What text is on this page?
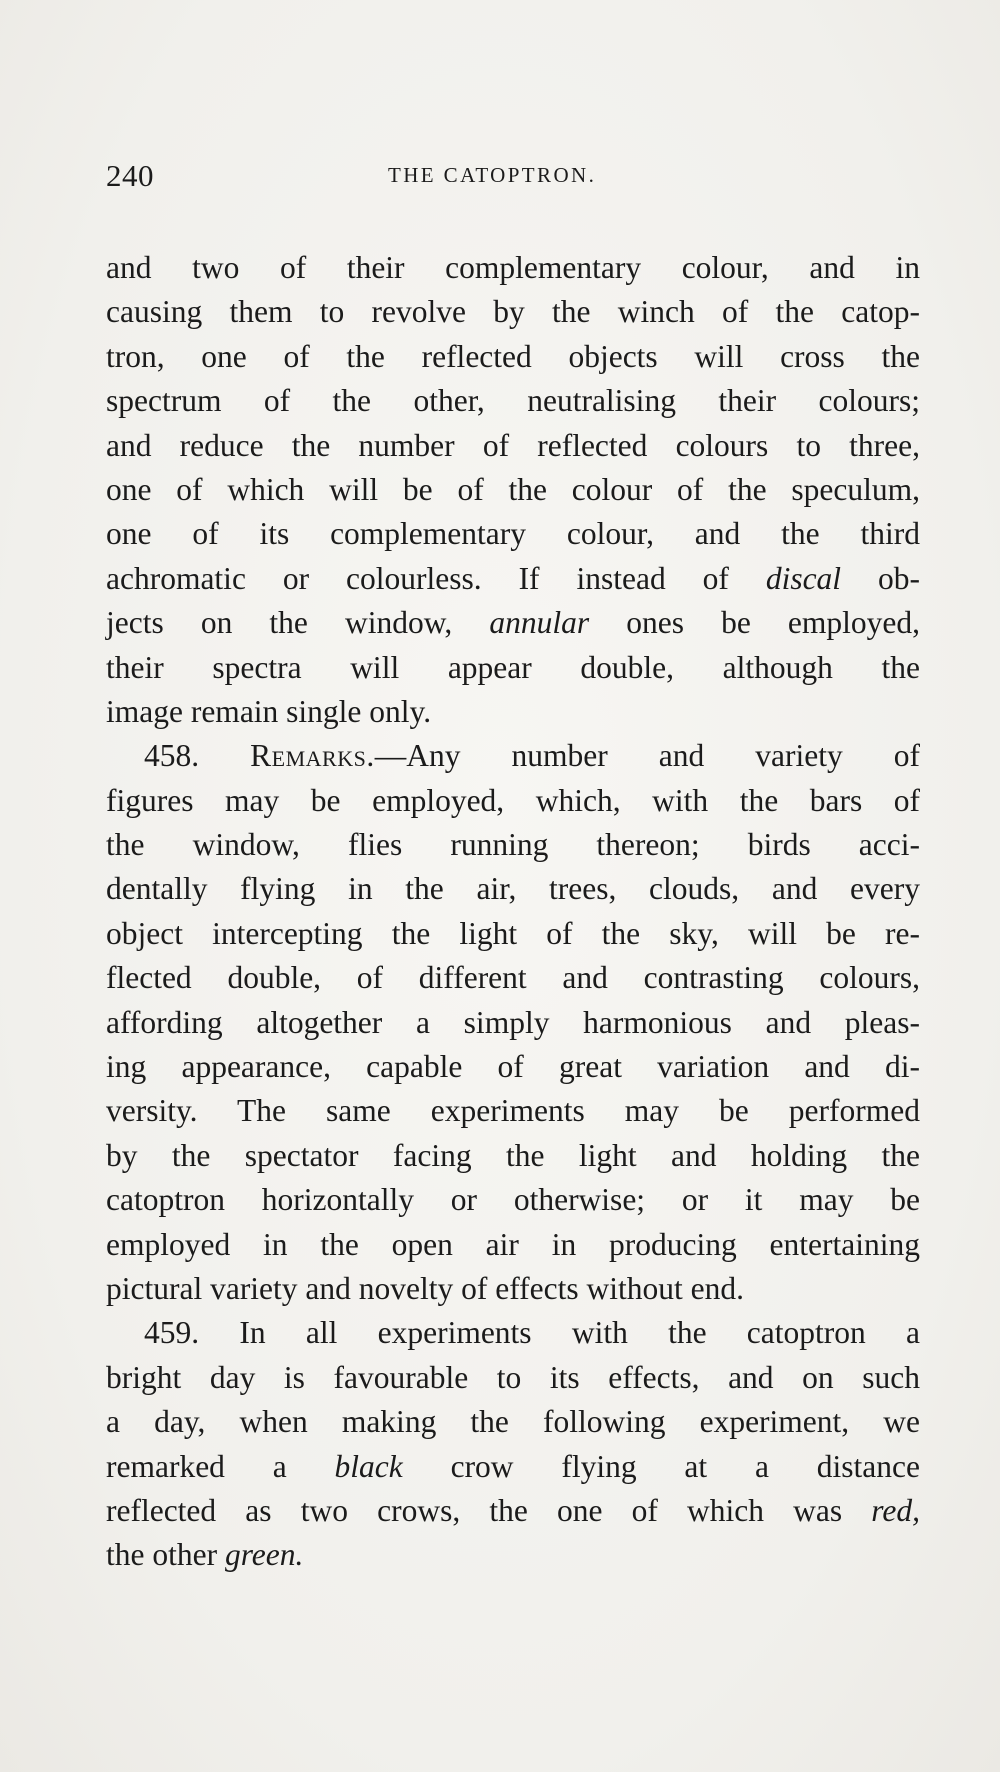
240	THE CATOPTRON.

and two of their complementary colour, and in
causing them to revolve by the winch of the catop-
tron, one of the reflected objects will cross the
spectrum of the other, neutralising their colours;
and reduce the number of reflected colours to three,
one of which will be of the colour of the speculum,
one of its complementary colour, and the third
achromatic or colourless. If instead of discal ob-
jects on the window, annular ones be employed,
their spectra will appear double, although the
image remain single only.
458. Remarks.—Any number and variety of
figures may be employed, which, with the bars of
the window, flies running thereon; birds acci-
dentally flying in the air, trees, clouds, and every
object intercepting the light of the sky, will be re-
flected double, of different and contrasting colours,
affording altogether a simply harmonious and pleas-
ing appearance, capable of great variation and di-
versity. The same experiments may be performed
by the spectator facing the light and holding the
catoptron horizontally or otherwise; or it may be
employed in the open air in producing entertaining
pictural variety and novelty of effects without end.
459. In all experiments with the catoptron a
bright day is favourable to its effects, and on such
a day, when making the following experiment, we
remarked a black crow flying at a distance
reflected as two crows, the one of which was red,
the other green.
